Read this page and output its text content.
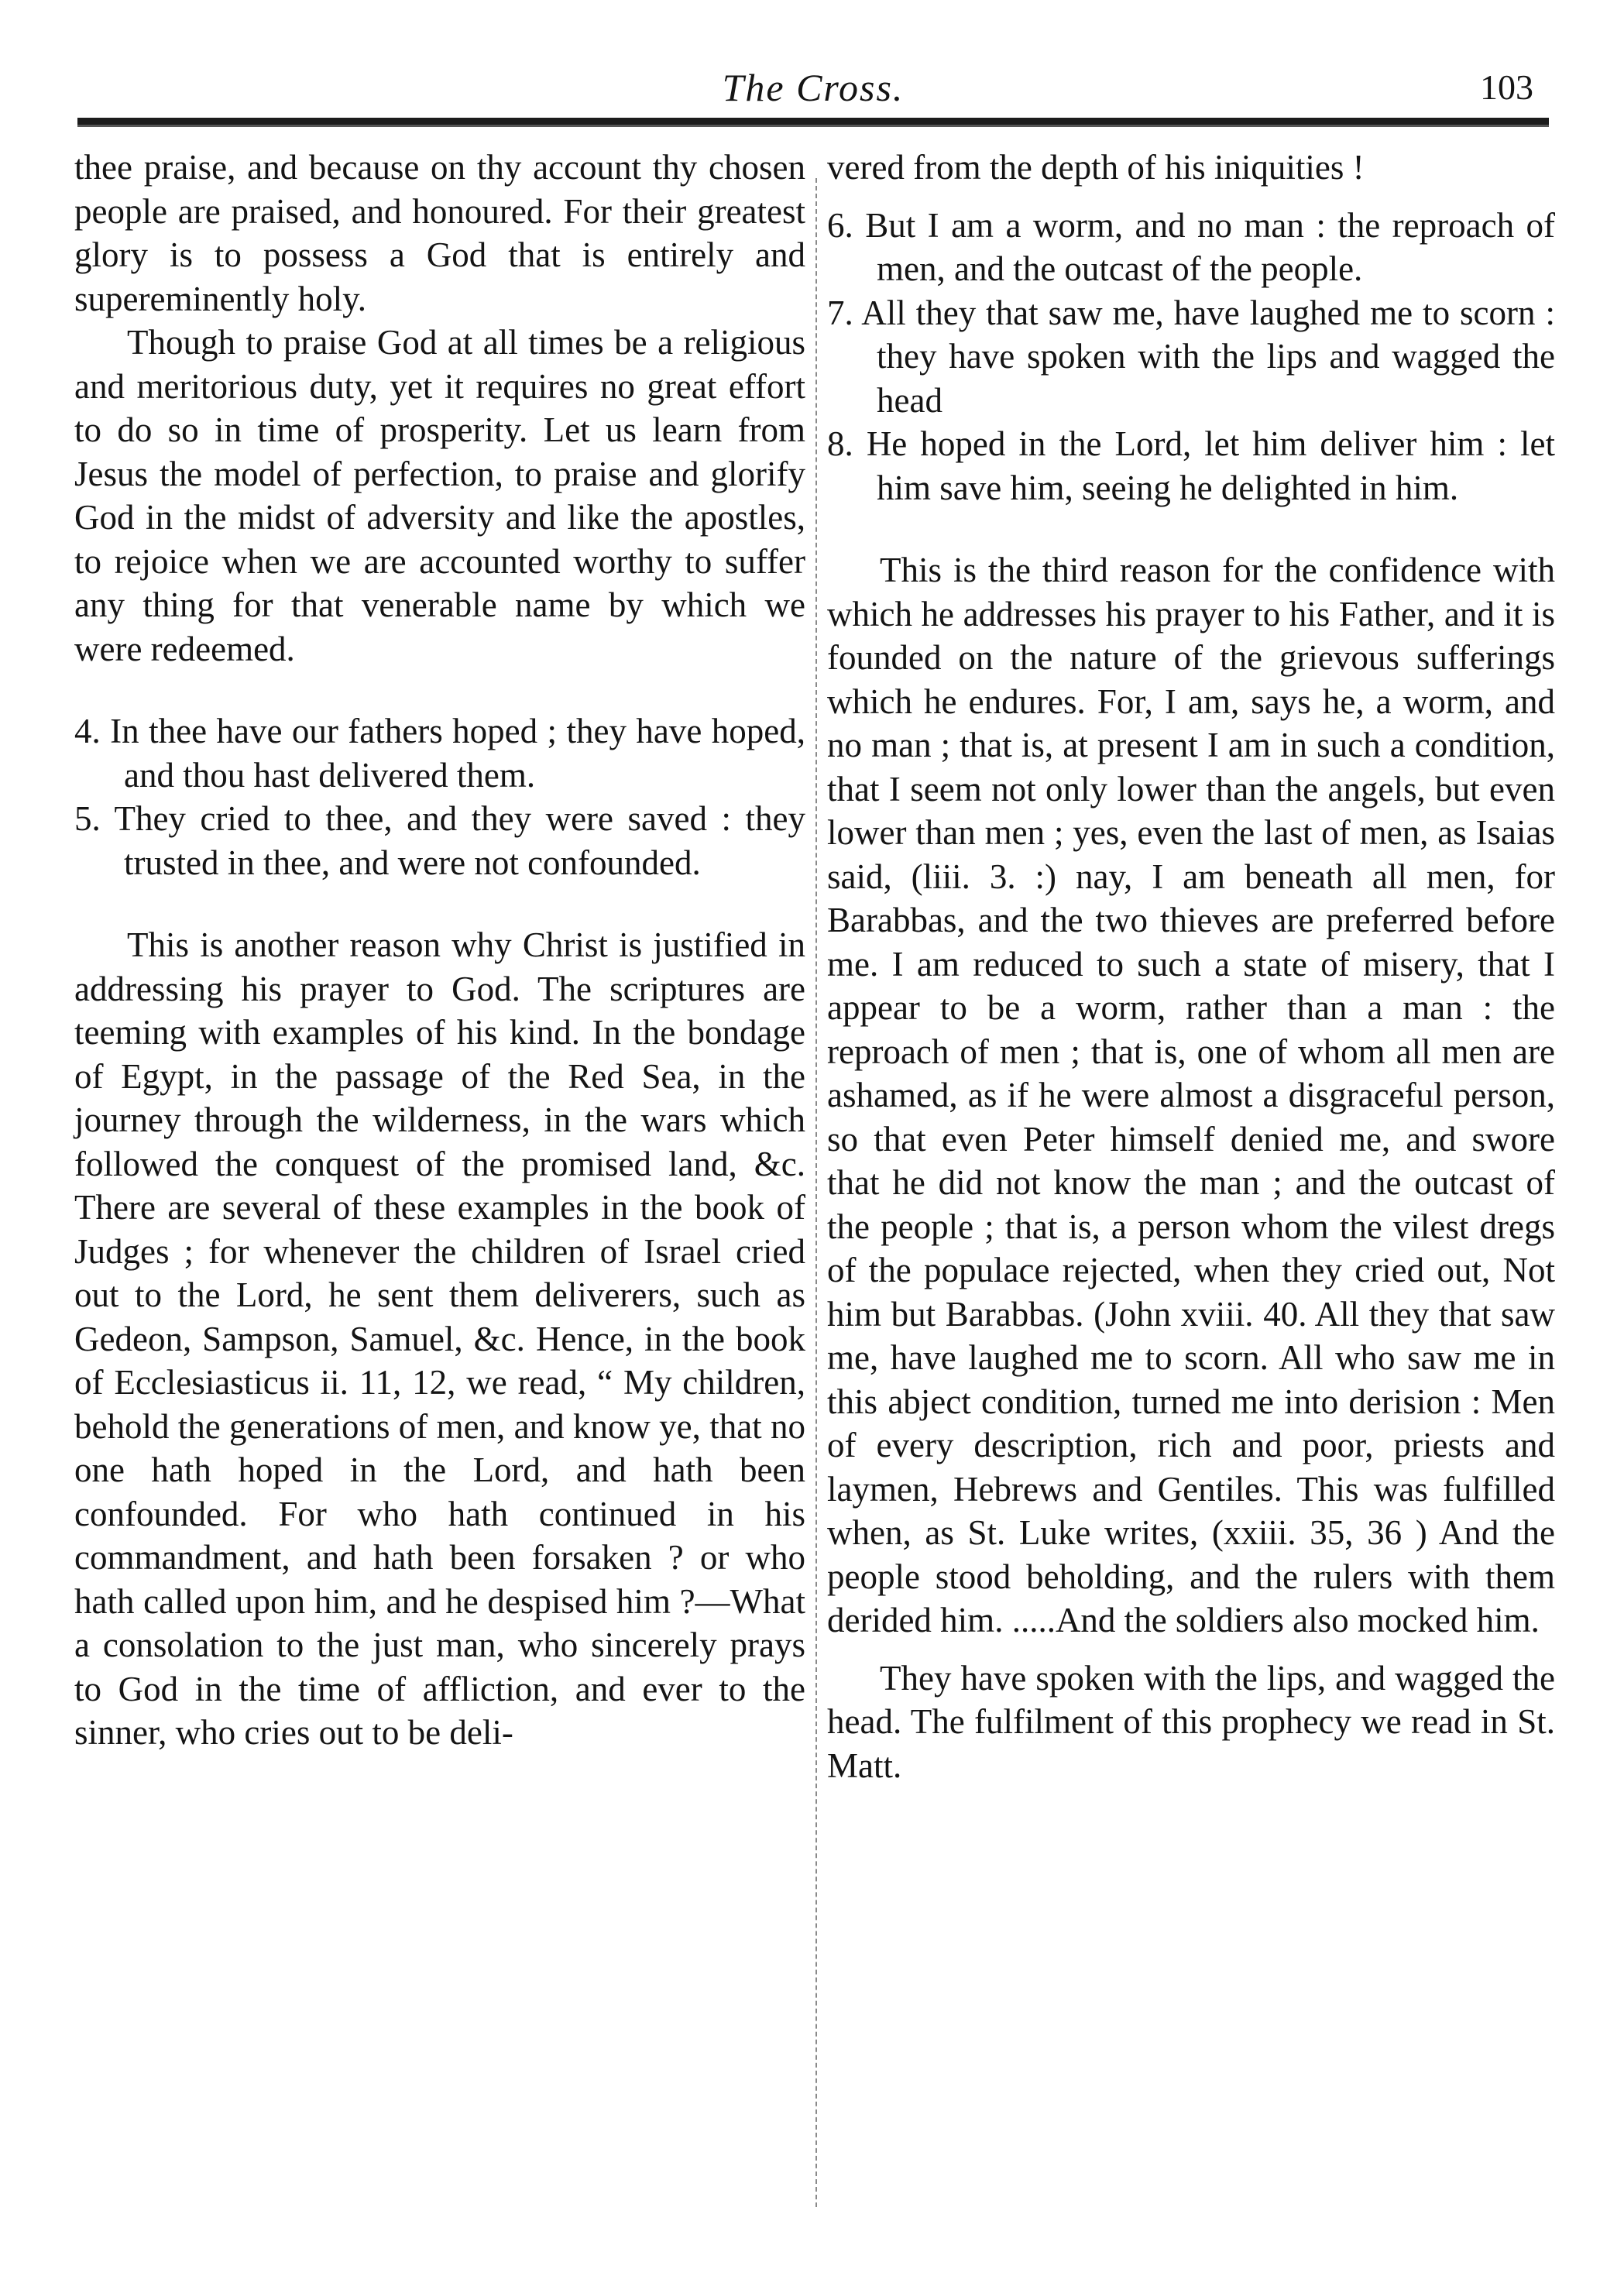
The Cross.	103

thee praise, and because on thy account thy chosen people are praised, and honoured. For their greatest glory is to possess a God that is entirely and supereminently holy.

Though to praise God at all times be a religious and meritorious duty, yet it requires no great effort to do so in time of prosperity. Let us learn from Jesus the model of perfection, to praise and glorify God in the midst of adversity and like the apostles, to rejoice when we are accounted worthy to suffer any thing for that venerable name by which we were redeemed.

4. In thee have our fathers hoped ; they have hoped, and thou hast delivered them.

5. They cried to thee, and they were saved : they trusted in thee, and were not confounded.

This is another reason why Christ is justified in addressing his prayer to God. The scriptures are teeming with examples of his kind. In the bondage of Egypt, in the passage of the Red Sea, in the journey through the wilderness, in the wars which followed the conquest of the promised land, &c. There are several of these examples in the book of Judges ; for whenever the children of Israel cried out to the Lord, he sent them deliverers, such as Gedeon, Sampson, Samuel, &c. Hence, in the book of Ecclesiasticus ii. 11, 12, we read, “ My children, behold the generations of men, and know ye, that no one hath hoped in the Lord, and hath been confounded. For who hath continued in his commandment, and hath been forsaken ? or who hath called upon him, and he despised him ?—What a consolation to the just man, who sincerely prays to God in the time of affliction, and ever to the sinner, who cries out to be deli-

vered from the depth of his iniquities !

6. But I am a worm, and no man : the reproach of men, and the outcast of the people.

7. All they that saw me, have laughed me to scorn : they have spoken with the lips and wagged the head

8. He hoped in the Lord, let him deliver him : let him save him, seeing he delighted in him.

This is the third reason for the confidence with which he addresses his prayer to his Father, and it is founded on the nature of the grievous sufferings which he endures. For, I am, says he, a worm, and no man ; that is, at present I am in such a condition, that I seem not only lower than the angels, but even lower than men ; yes, even the last of men, as Isaias said, (liii. 3. :) nay, I am beneath all men, for Barabbas, and the two thieves are preferred before me. I am reduced to such a state of misery, that I appear to be a worm, rather than a man : the reproach of men ; that is, one of whom all men are ashamed, as if he were almost a disgraceful person, so that even Peter himself denied me, and swore that he did not know the man ; and the outcast of the people ; that is, a person whom the vilest dregs of the populace rejected, when they cried out, Not him but Barabbas. (John xviii. 40. All they that saw me, have laughed me to scorn. All who saw me in this abject condition, turned me into derision : Men of every description, rich and poor, priests and laymen, Hebrews and Gentiles. This was fulfilled when, as St. Luke writes, (xxiii. 35, 36 ) And the people stood beholding, and the rulers with them derided him. .....And the soldiers also mocked him.

They have spoken with the lips, and wagged the head. The fulfilment of this prophecy we read in St. Matt.
